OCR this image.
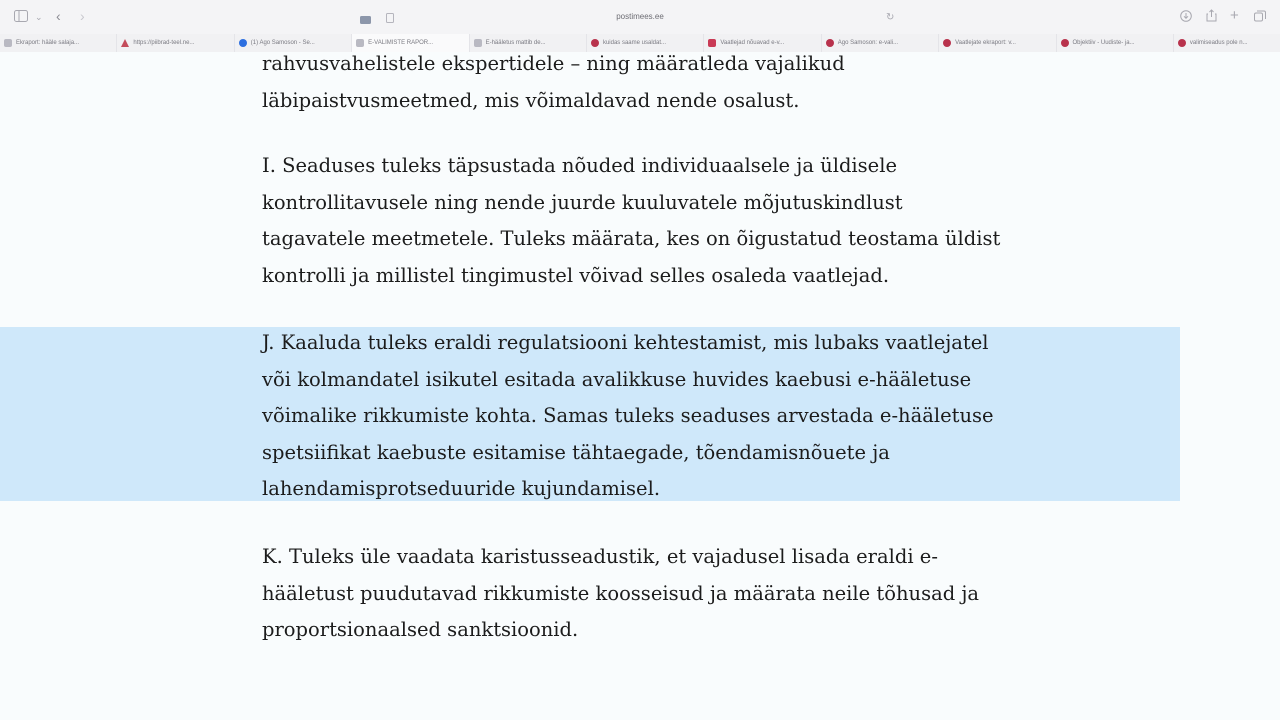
⌄ ‹ ›	postimees.ee	↻	+
Ekraport: hääle salaja...	https://piibrad-teel.ne...	(1) Ago Samoson - Se...	E-VALIMISTE RAPOR...	E-hääletus mattib de...	kuidas saame usaldat...	Vaatlejad nõuavad e-v...	Ago Samoson: e-vali...	Vaatlejate ekraport: v...	Objektiiv - Uudiste- ja...	valimiseadus pole n...

rahvusvahelistele ekspertidele – ning määratleda vajalikud
läbipaistvusmeetmed, mis võimaldavad nende osalust.

I. Seaduses tuleks täpsustada nõuded individuaalsele ja üldisele
kontrollitavusele ning nende juurde kuuluvatele mõjutuskindlust
tagavatele meetmetele. Tuleks määrata, kes on õigustatud teostama üldist
kontrolli ja millistel tingimustel võivad selles osaleda vaatlejad.

J. Kaaluda tuleks eraldi regulatsiooni kehtestamist, mis lubaks vaatlejatel
või kolmandatel isikutel esitada avalikkuse huvides kaebusi e-hääletuse
võimalike rikkumiste kohta. Samas tuleks seaduses arvestada e-hääletuse
spetsiifikat kaebuste esitamise tähtaegade, tõendamisnõuete ja
lahendamisprotseduuride kujundamisel.

K. Tuleks üle vaadata karistusseadustik, et vajadusel lisada eraldi e-
hääletust puudutavad rikkumiste koosseisud ja määrata neile tõhusad ja
proportsionaalsed sanktsioonid.
